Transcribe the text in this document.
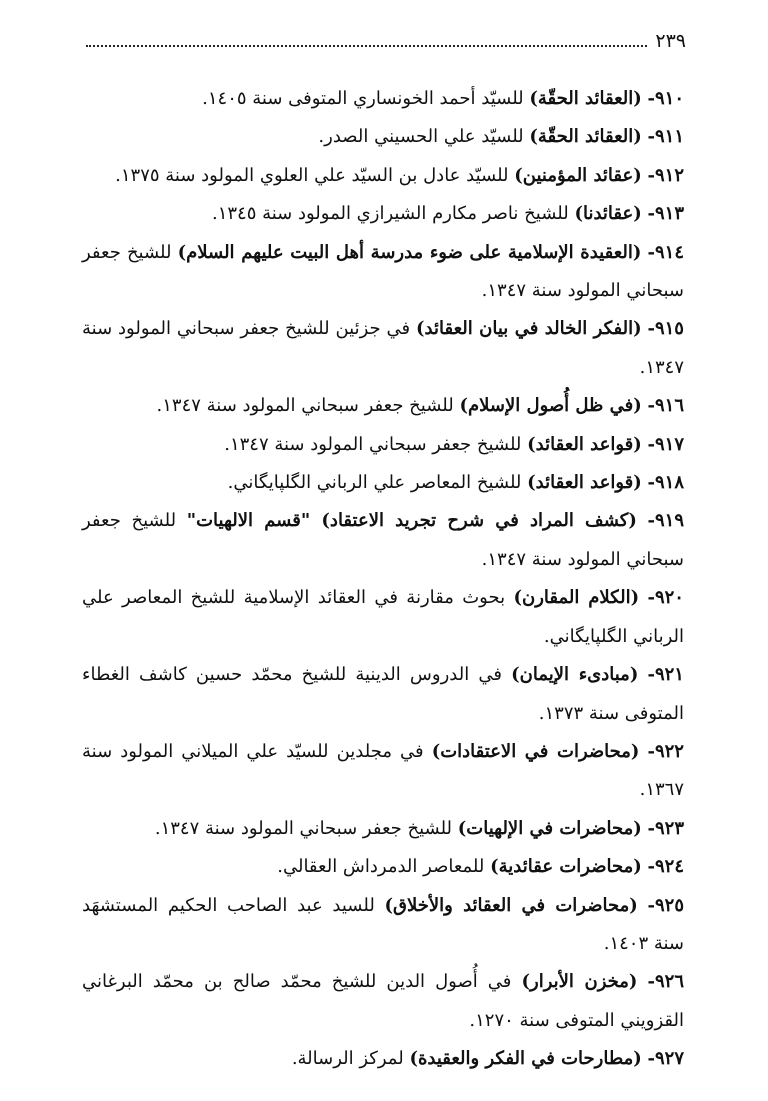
٢٣٩

٩١٠- (العقائد الحقّة) للسيّد أحمد الخونساري المتوفى سنة ١٤٠٥.

٩١١- (العقائد الحقّة) للسيّد علي الحسيني الصدر.

٩١٢- (عقائد المؤمنين) للسيّد عادل بن السيّد علي العلوي المولود سنة ١٣٧٥.

٩١٣- (عقائدنا) للشيخ ناصر مكارم الشيرازي المولود سنة ١٣٤٥.

٩١٤- (العقيدة الإسلامية على ضوء مدرسة أهل البيت عليهم السلام) للشيخ جعفر سبحاني المولود سنة ١٣٤٧.

٩١٥- (الفكر الخالد في بيان العقائد) في جزئين للشيخ جعفر سبحاني المولود سنة ١٣٤٧.

٩١٦- (في ظل أُصول الإسلام) للشيخ جعفر سبحاني المولود سنة ١٣٤٧.

٩١٧- (قواعد العقائد) للشيخ جعفر سبحاني المولود سنة ١٣٤٧.

٩١٨- (قواعد العقائد) للشيخ المعاصر علي الرباني الگلپايگاني.

٩١٩- (كشف المراد في شرح تجريد الاعتقاد) "قسم الالهيات" للشيخ جعفر سبحاني المولود سنة ١٣٤٧.

٩٢٠- (الكلام المقارن) بحوث مقارنة في العقائد الإسلامية للشيخ المعاصر علي الرباني الگلپايگاني.

٩٢١- (مبادىء الإيمان) في الدروس الدينية للشيخ محمّد حسين كاشف الغطاء المتوفى سنة ١٣٧٣.

٩٢٢- (محاضرات في الاعتقادات) في مجلدين للسيّد علي الميلاني المولود سنة ١٣٦٧.

٩٢٣- (محاضرات في الإلهيات) للشيخ جعفر سبحاني المولود سنة ١٣٤٧.

٩٢٤- (محاضرات عقائدية) للمعاصر الدمرداش العقالي.

٩٢٥- (محاضرات في العقائد والأخلاق) للسيد عبد الصاحب الحكيم المستشهَد سنة ١٤٠٣.

٩٢٦- (مخزن الأبرار) في أُصول الدين للشيخ محمّد صالح بن محمّد البرغاني القزويني المتوفى سنة ١٢٧٠.

٩٢٧- (مطارحات في الفكر والعقيدة) لمركز الرسالة.
